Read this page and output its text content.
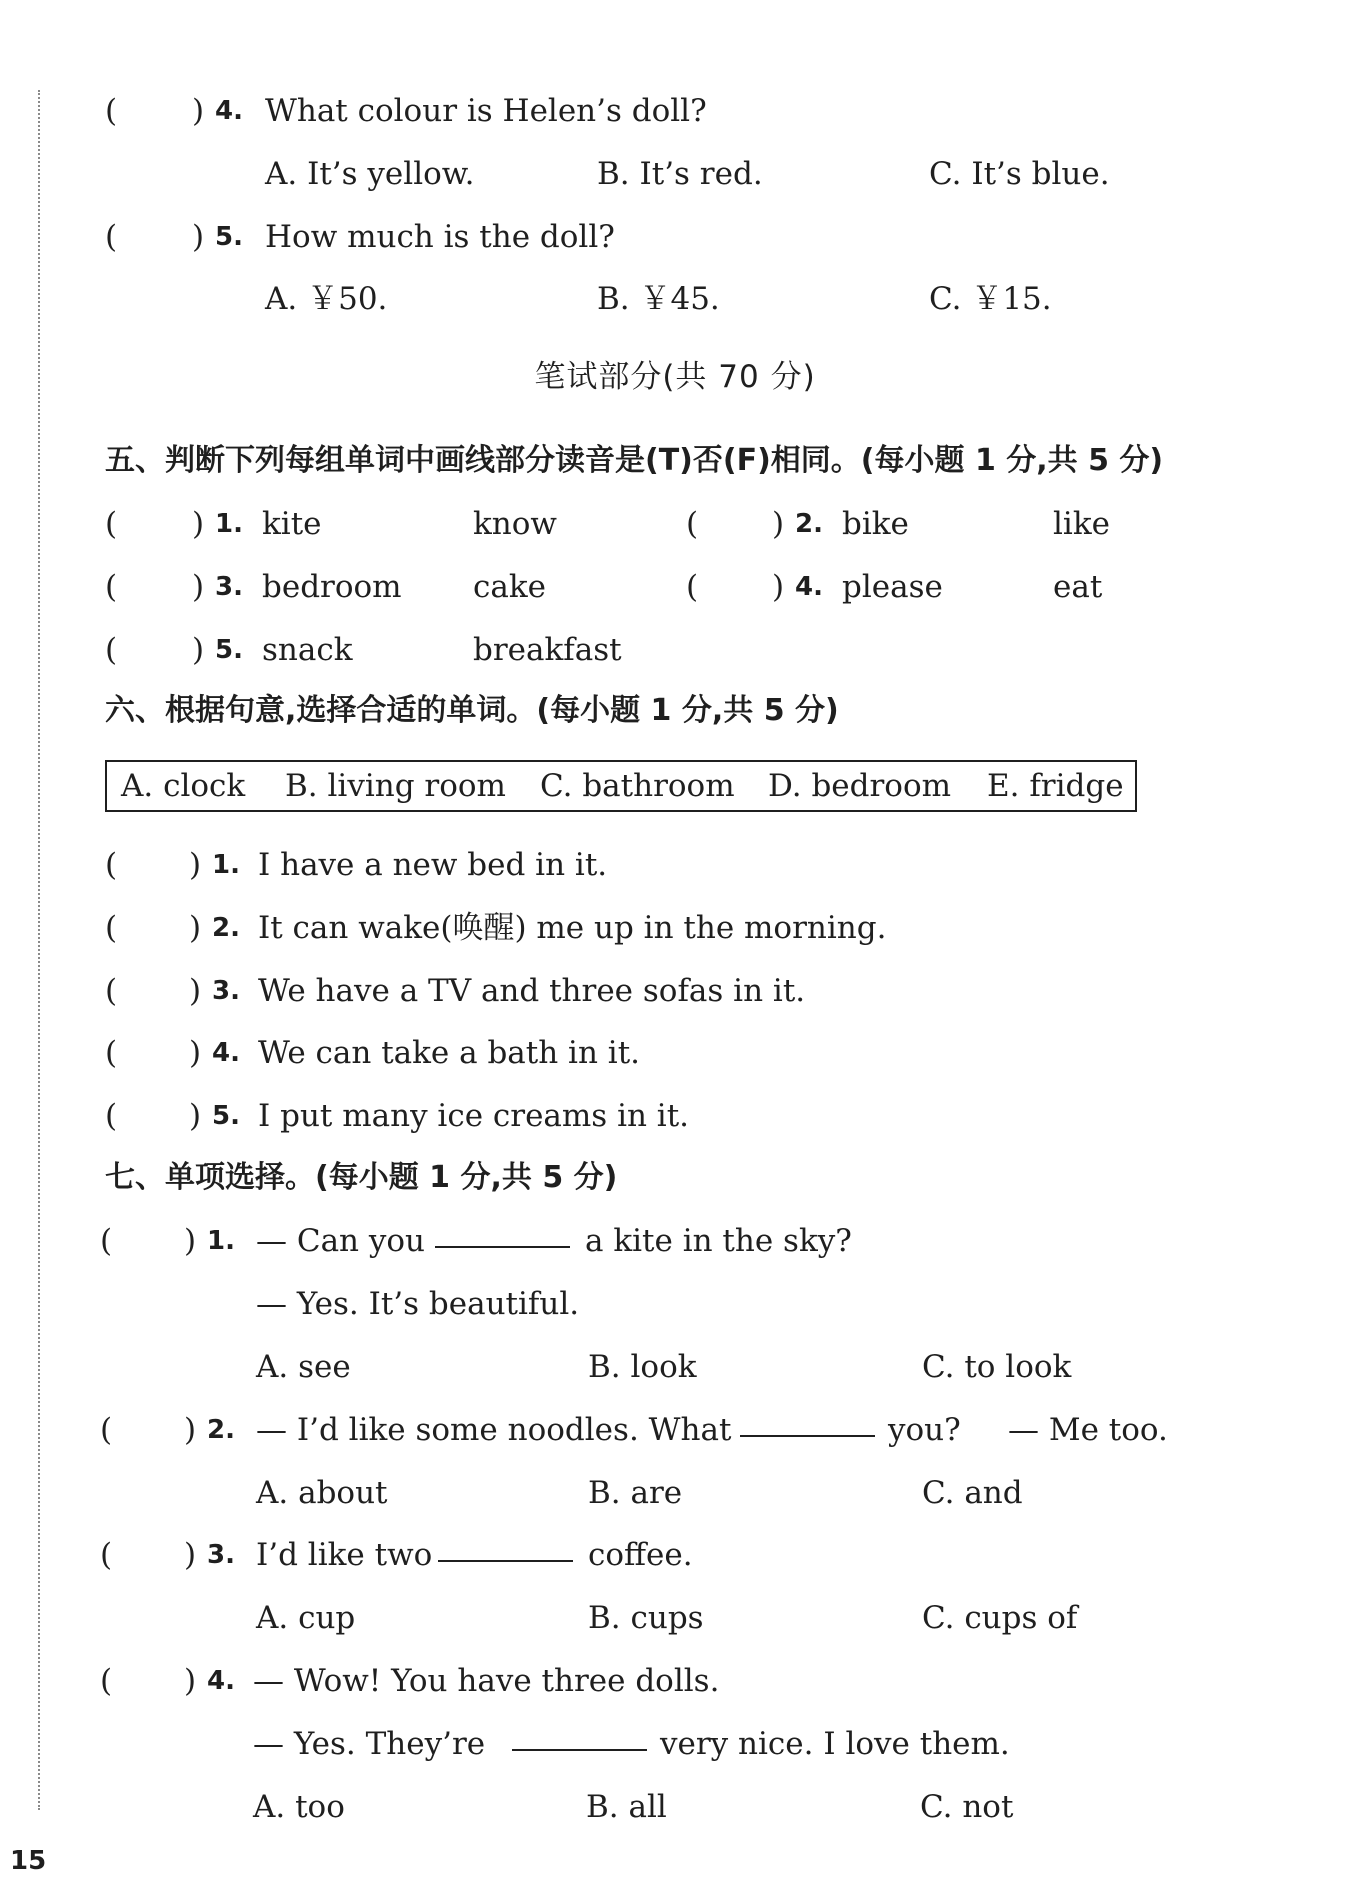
( ) 4. What colour is Helen’s doll?
A. It’s yellow.	B. It’s red.	C. It’s blue.
( ) 5. How much is the doll?
A. ￥50.	B. ￥45.	C. ￥15.
笔试部分(共 70 分)
五、判断下列每组单词中画线部分读音是(T)否(F)相同。(每小题 1 分,共 5 分)
( ) 1. kite	know	( ) 2. bike	like
( ) 3. bedroom cake	( ) 4. please	eat
( ) 5. snack	breakfast
六、根据句意,选择合适的单词。(每小题 1 分,共 5 分)
A. clock B. living room C. bathroom D. bedroom E. fridge
( ) 1. I have a new bed in it.
( ) 2. It can wake(唤醒) me up in the morning.
( ) 3. We have a TV and three sofas in it.
( ) 4. We can take a bath in it.
( ) 5. I put many ice creams in it.
七、单项选择。(每小题 1 分,共 5 分)
( ) 1. — Can you	a kite in the sky?
— Yes. It’s beautiful.
A. see	B. look	C. to look
( ) 2. — I’d like some noodles. What	you? — Me too.
A. about	B. are	C. and
( ) 3. I’d like two	coffee.
A. cup	B. cups	C. cups of
( ) 4. — Wow! You have three dolls.
— Yes. They’re	very nice. I love them.
A. too	B. all	C. not
15
